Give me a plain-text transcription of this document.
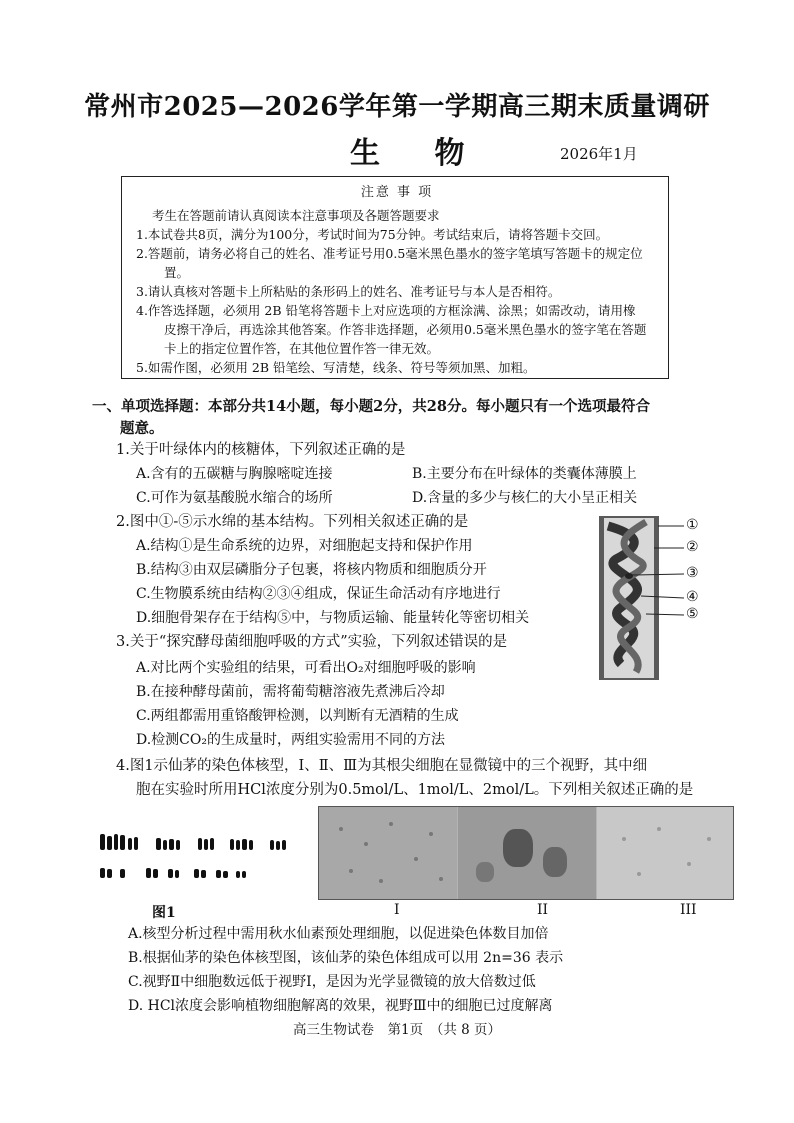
常州市2025—2026学年第一学期高三期末质量调研
生 物	2026年1月
注意 事 项
考生在答题前请认真阅读本注意事项及各题答题要求
1.本试卷共8页，满分为100分，考试时间为75分钟。考试结束后，请将答题卡交回。
2.答题前，请务必将自己的姓名、准考证号用0.5毫米黑色墨水的签字笔填写答题卡的规定位
置。
3.请认真核对答题卡上所粘贴的条形码上的姓名、准考证号与本人是否相符。
4.作答选择题，必须用 2B 铅笔将答题卡上对应选项的方框涂满、涂黑；如需改动，请用橡
皮擦干净后，再选涂其他答案。作答非选择题，必须用0.5毫米黑色墨水的签字笔在答题
卡上的指定位置作答，在其他位置作答一律无效。
5.如需作图，必须用 2B 铅笔绘、写清楚，线条、符号等须加黑、加粗。
一、单项选择题：本部分共14小题，每小题2分，共28分。每小题只有一个选项最符合
题意。
1.关于叶绿体内的核糖体，下列叙述正确的是
A.含有的五碳糖与胸腺嘧啶连接	B.主要分布在叶绿体的类囊体薄膜上
C.可作为氨基酸脱水缩合的场所	D.含量的多少与核仁的大小呈正相关
2.图中①-⑤示水绵的基本结构。下列相关叙述正确的是
A.结构①是生命系统的边界，对细胞起支持和保护作用
B.结构③由双层磷脂分子包裹，将核内物质和细胞质分开
C.生物膜系统由结构②③④组成，保证生命活动有序地进行
D.细胞骨架存在于结构⑤中，与物质运输、能量转化等密切相关
①
②
③
④
⑤
3.关于“探究酵母菌细胞呼吸的方式”实验，下列叙述错误的是
A.对比两个实验组的结果，可看出O₂对细胞呼吸的影响
B.在接种酵母菌前，需将葡萄糖溶液先煮沸后冷却
C.两组都需用重铬酸钾检测，以判断有无酒精的生成
D.检测CO₂的生成量时，两组实验需用不同的方法
4.图1示仙茅的染色体核型，Ⅰ、Ⅱ、Ⅲ为其根尖细胞在显微镜中的三个视野，其中细
胞在实验时所用HCl浓度分别为0.5mol/L、1mol/L、2mol/L。下列相关叙述正确的是
图1	I	II	III
A.核型分析过程中需用秋水仙素预处理细胞，以促进染色体数目加倍
B.根据仙茅的染色体核型图，该仙茅的染色体组成可以用 2n=36 表示
C.视野Ⅱ中细胞数远低于视野Ⅰ，是因为光学显微镜的放大倍数过低
D. HCl浓度会影响植物细胞解离的效果，视野Ⅲ中的细胞已过度解离
高三生物试卷　第1页　（共 8 页）
